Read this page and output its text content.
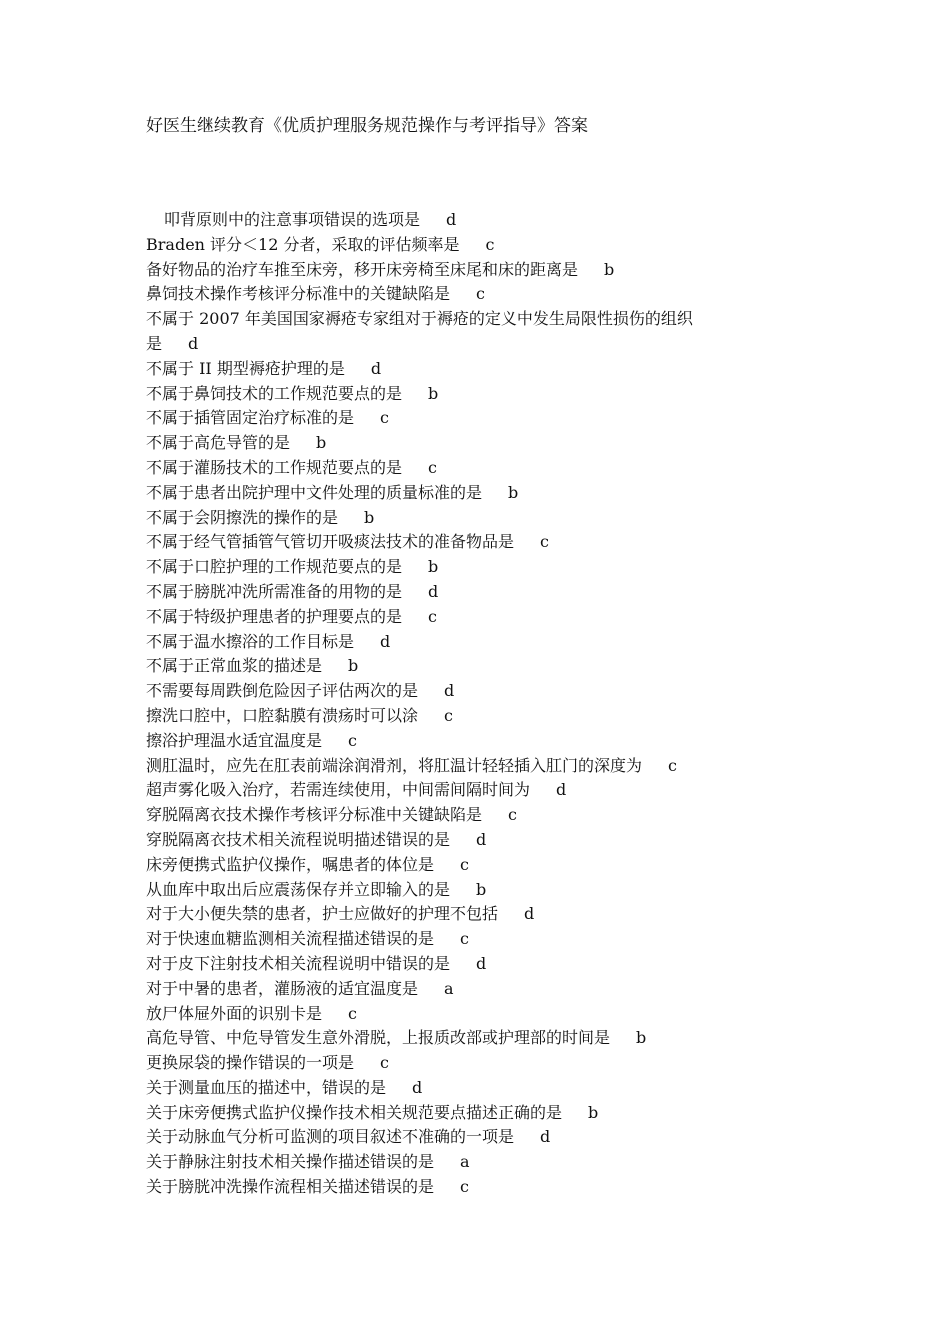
好医生继续教育《优质护理服务规范操作与考评指导》答案
叩背原则中的注意事项错误的选项是 d
Braden 评分＜12 分者，采取的评估频率是 c
备好物品的治疗车推至床旁，移开床旁椅至床尾和床的距离是 b
鼻饲技术操作考核评分标准中的关键缺陷是 c
不属于 2007 年美国国家褥疮专家组对于褥疮的定义中发生局限性损伤的组织
是 d
不属于 II 期型褥疮护理的是 d
不属于鼻饲技术的工作规范要点的是 b
不属于插管固定治疗标准的是 c
不属于高危导管的是 b
不属于灌肠技术的工作规范要点的是 c
不属于患者出院护理中文件处理的质量标准的是 b
不属于会阴擦洗的操作的是 b
不属于经气管插管气管切开吸痰法技术的准备物品是 c
不属于口腔护理的工作规范要点的是 b
不属于膀胱冲洗所需准备的用物的是 d
不属于特级护理患者的护理要点的是 c
不属于温水擦浴的工作目标是 d
不属于正常血浆的描述是 b
不需要每周跌倒危险因子评估两次的是 d
擦洗口腔中，口腔黏膜有溃疡时可以涂 c
擦浴护理温水适宜温度是 c
测肛温时，应先在肛表前端涂润滑剂，将肛温计轻轻插入肛门的深度为 c
超声雾化吸入治疗，若需连续使用，中间需间隔时间为 d
穿脱隔离衣技术操作考核评分标准中关键缺陷是 c
穿脱隔离衣技术相关流程说明描述错误的是 d
床旁便携式监护仪操作，嘱患者的体位是 c
从血库中取出后应震荡保存并立即输入的是 b
对于大小便失禁的患者，护士应做好的护理不包括 d
对于快速血糖监测相关流程描述错误的是 c
对于皮下注射技术相关流程说明中错误的是 d
对于中暑的患者，灌肠液的适宜温度是 a
放尸体屉外面的识别卡是 c
高危导管、中危导管发生意外滑脱，上报质改部或护理部的时间是 b
更换尿袋的操作错误的一项是 c
关于测量血压的描述中，错误的是 d
关于床旁便携式监护仪操作技术相关规范要点描述正确的是 b
关于动脉血气分析可监测的项目叙述不准确的一项是 d
关于静脉注射技术相关操作描述错误的是 a
关于膀胱冲洗操作流程相关描述错误的是 c
